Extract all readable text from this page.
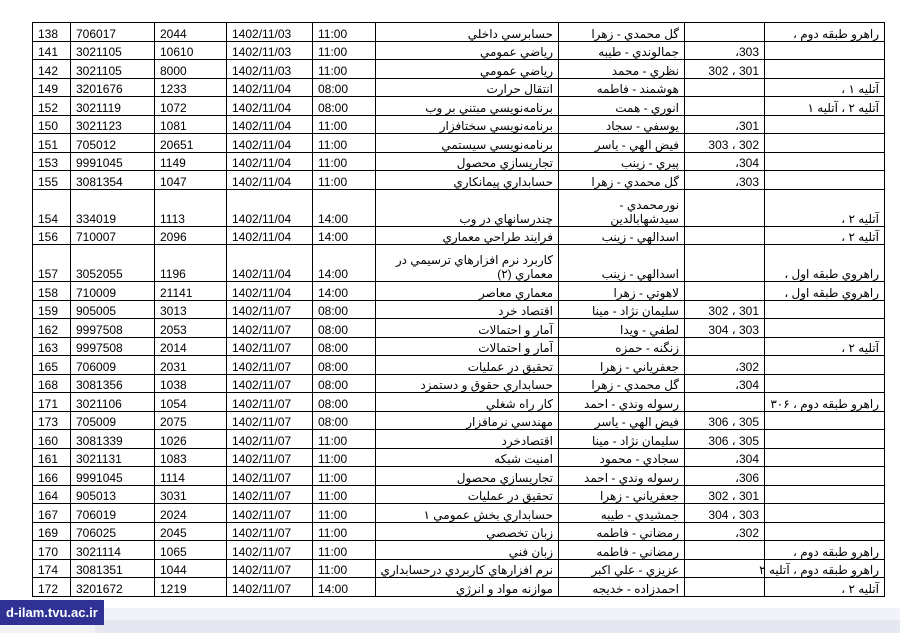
138	706017	2044	1402/11/03	11:00	حسابرسي داخلي	گل محمدي - زهرا		راهرو طبقه دوم ،
141	3021105	10610	1402/11/03	11:00	رياضي عمومي	جمالوندي - طيبه	303،	
142	3021105	8000	1402/11/03	11:00	رياضي عمومي	نظري - محمد	301 ، 302	
149	3201676	1233	1402/11/04	08:00	انتقال حرارت	هوشمند - فاطمه		آتليه ۱ ،
152	3021119	1072	1402/11/04	08:00	برنامەنويسي مبتني بر وب	انوري - همت		آتليه ۲ ، آتليه ۱
150	3021123	1081	1402/11/04	11:00	برنامەنويسي سختافزار	يوسفي - سجاد	301،	
151	705012	20651	1402/11/04	11:00	برنامەنويسي سيستمي	فيض الهي - ياسر	302 ، 303	
153	9991045	1149	1402/11/04	11:00	تجاريسازي محصول	پيري - زينب	304،	
155	3081354	1047	1402/11/04	11:00	حسابداري پيمانكاري	گل محمدي - زهرا	303،	
154	334019	1113	1402/11/04	14:00	چندرسانهاي در وب	نورمحمدي - سيدشهابالدين		آتليه ۲ ،
156	710007	2096	1402/11/04	14:00	فرايند طراحي معماري	اسدالهي - زينب		آتليه ۲ ،
157	3052055	1196	1402/11/04	14:00	كاربرد نرم افزارهاي ترسيمي در معماري (۲)	اسدالهي - زينب		راهروي طبقه اول ،
158	710009	21141	1402/11/04	14:00	معماري معاصر	لاهوتي - زهرا		راهروي طبقه اول ،
159	905005	3013	1402/11/07	08:00	اقتصاد خرد	سليمان نژاد - مينا	301 ، 302	
162	9997508	2053	1402/11/07	08:00	آمار و احتمالات	لطفي - ويدا	303 ، 304	
163	9997508	2014	1402/11/07	08:00	آمار و احتمالات	زنگنه - حمزه		آتليه ۲ ،
165	706009	2031	1402/11/07	08:00	تحقيق در عمليات	جعفرياني - زهرا	302،	
168	3081356	1038	1402/11/07	08:00	حسابداري حقوق و دستمزد	گل محمدي - زهرا	304،	
171	3021106	1054	1402/11/07	08:00	كار راه شغلي	رسوله وندي - احمد		راهرو طبقه دوم ، ۳۰۶
173	705009	2075	1402/11/07	08:00	مهندسي نرمافزار	فيض الهي - ياسر	305 ، 306	
160	3081339	1026	1402/11/07	11:00	اقتصادخرد	سليمان نژاد - مينا	305 ، 306	
161	3021131	1083	1402/11/07	11:00	امنيت شبكه	سجادي - محمود	304،	
166	9991045	1114	1402/11/07	11:00	تجاريسازي محصول	رسوله وندي - احمد	306،	
164	905013	3031	1402/11/07	11:00	تحقيق در عمليات	جعفرياني - زهرا	301 ، 302	
167	706019	2024	1402/11/07	11:00	حسابداري بخش عمومي ۱	جمشيدي - طيبه	303 ، 304	
169	706025	2045	1402/11/07	11:00	زبان تخصصي	رمضاني - فاطمه	302،	
170	3021114	1065	1402/11/07	11:00	زبان فني	رمضاني - فاطمه		راهرو طبقه دوم ،
174	3081351	1044	1402/11/07	11:00	نرم افزارهاي كاربردي درحسابداري	عزيزي - علي اكبر		راهرو طبقه دوم ، آتليه ۲
172	3201672	1219	1402/11/07	14:00	موازنه مواد و انرژي	احمدزاده - خديجه		آتليه ۲ ،
d-ilam.tvu.ac.ir
